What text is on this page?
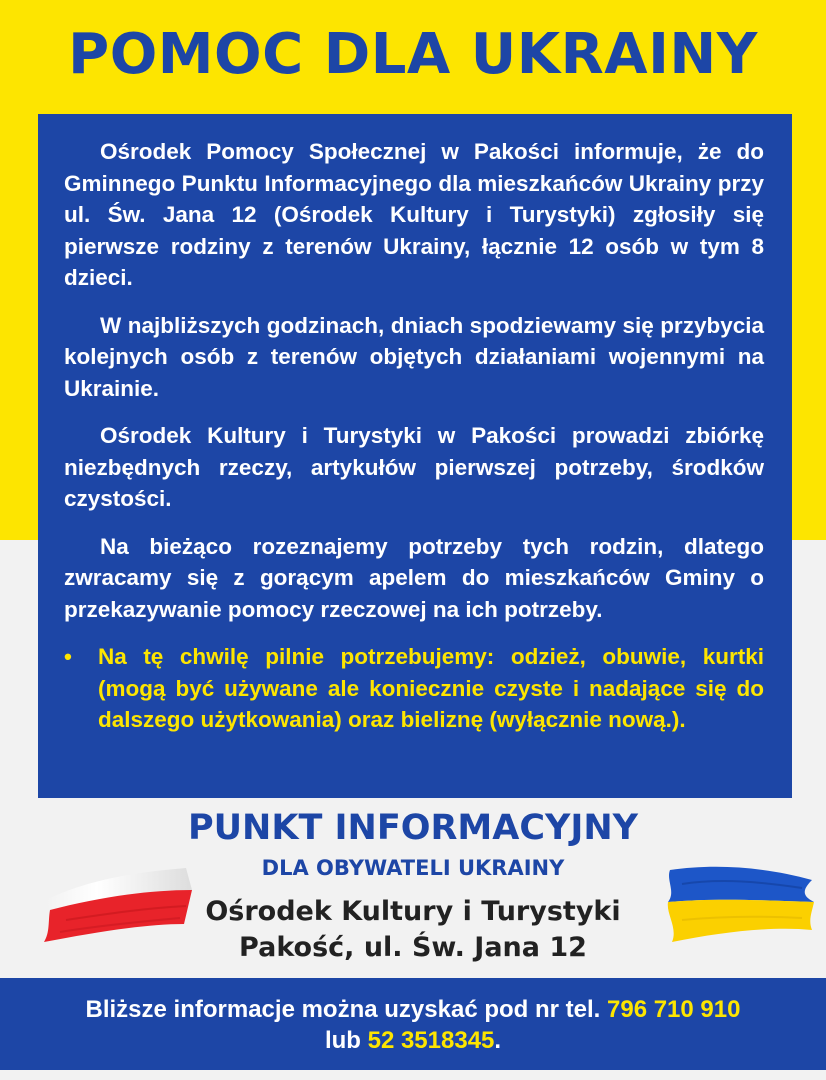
POMOC DLA UKRAINY

Ośrodek Pomocy Społecznej w Pakości informuje, że do Gminnego Punktu Informacyjnego dla mieszkańców Ukrainy przy ul. Św. Jana 12 (Ośrodek Kultury i Turystyki) zgłosiły się pierwsze rodziny z terenów Ukrainy, łącznie 12 osób w tym 8 dzieci.

W najbliższych godzinach, dniach spodziewamy się przybycia kolejnych osób z terenów objętych działaniami wojennymi na Ukrainie.

Ośrodek Kultury i Turystyki w Pakości prowadzi zbiórkę niezbędnych rzeczy, artykułów pierwszej potrzeby, środków czystości.

Na bieżąco rozeznajemy potrzeby tych rodzin, dlatego zwracamy się z gorącym apelem do mieszkańców Gminy o przekazywanie pomocy rzeczowej na ich potrzeby.

•	Na tę chwilę pilnie potrzebujemy: odzież, obuwie, kurtki (mogą być używane ale koniecznie czyste i nadające się do dalszego użytkowania) oraz bieliznę (wyłącznie nową.).

PUNKT INFORMACYJNY
DLA OBYWATELI UKRAINY

Ośrodek Kultury i Turystyki

Pakość, ul. Św. Jana 12

Bliższe informacje można uzyskać pod nr tel. 796 710 910

lub 52 3518345.
